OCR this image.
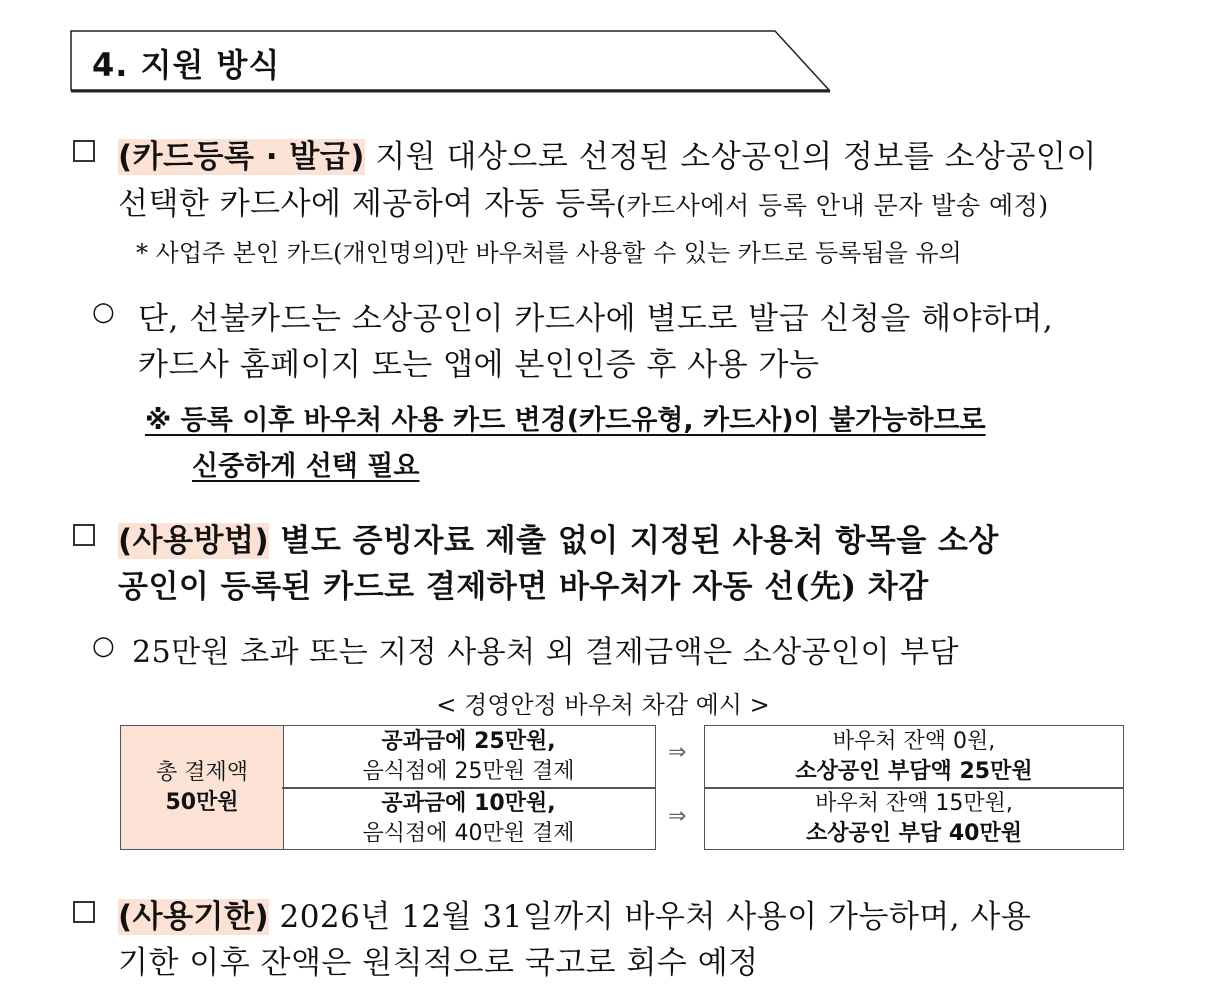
4. 지원 방식
(카드등록 · 발급) 지원 대상으로 선정된 소상공인의 정보를 소상공인이
선택한 카드사에 제공하여 자동 등록(카드사에서 등록 안내 문자 발송 예정)
* 사업주 본인 카드(개인명의)만 바우처를 사용할 수 있는 카드로 등록됨을 유의
○ 단, 선불카드는 소상공인이 카드사에 별도로 발급 신청을 해야하며,
카드사 홈페이지 또는 앱에 본인인증 후 사용 가능
※ 등록 이후 바우처 사용 카드 변경(카드유형, 카드사)이 불가능하므로
신중하게 선택 필요
(사용방법) 별도 증빙자료 제출 없이 지정된 사용처 항목을 소상
공인이 등록된 카드로 결제하면 바우처가 자동 선(先) 차감
○ 25만원 초과 또는 지정 사용처 외 결제금액은 소상공인이 부담
< 경영안정 바우처 차감 예시 >
총 결제액
50만원
공과금에 25만원,
음식점에 25만원 결제
공과금에 10만원,
음식점에 40만원 결제
⇒
⇒
바우처 잔액 0원,
소상공인 부담액 25만원
바우처 잔액 15만원,
소상공인 부담 40만원
(사용기한) 2026년 12월 31일까지 바우처 사용이 가능하며, 사용
기한 이후 잔액은 원칙적으로 국고로 회수 예정
